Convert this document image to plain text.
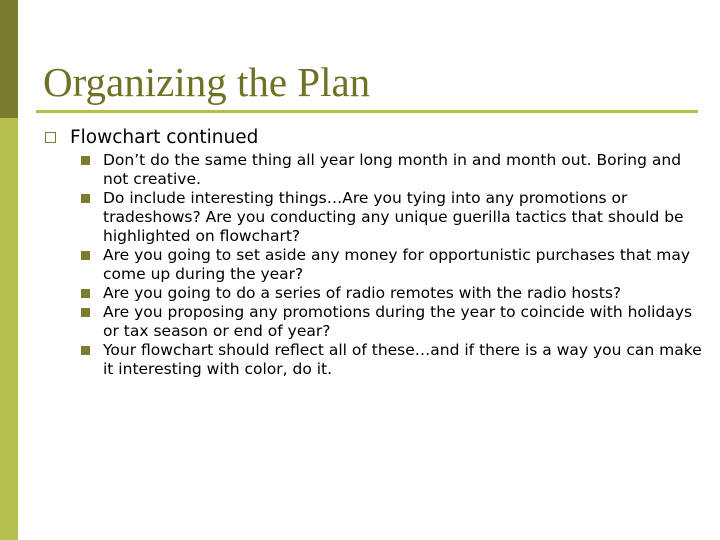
Organizing the Plan
Flowchart continued
Don’t do the same thing all year long month in and month out. Boring and not creative.
Do include interesting things…Are you tying into any promotions or tradeshows? Are you conducting any unique guerilla tactics that should be highlighted on flowchart?
Are you going to set aside any money for opportunistic purchases that may come up during the year?
Are you going to do a series of radio remotes with the radio hosts?
Are you proposing any promotions during the year to coincide with holidays or tax season or end of year?
Your flowchart should reflect all of these…and if there is a way you can make it interesting with color, do it.
